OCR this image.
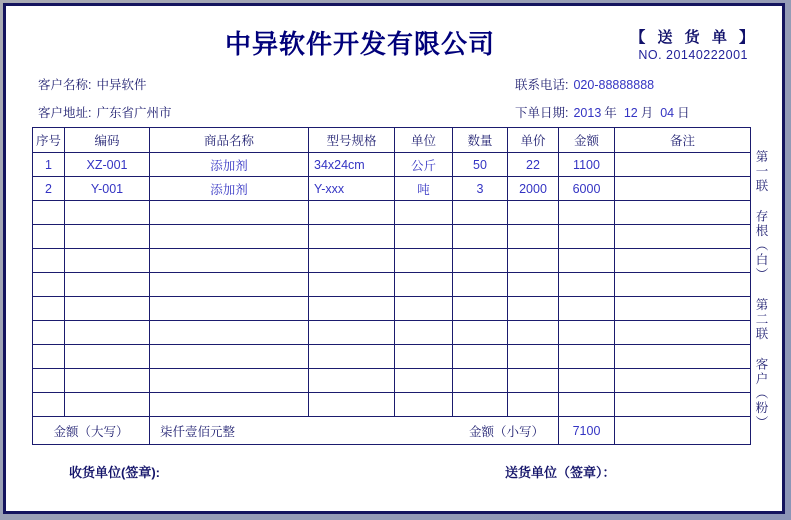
中异软件开发有限公司	【 送 货 单 】
NO. 20140222001
客户名称: 中异软件	联系电话: 020-88888888
客户地址: 广东省广州市	下单日期: 2013 年 12 月 04 日
序号	编码	商品名称	型号规格	单位	数量	单价	金额	备注
1	XZ-001	添加剂	34x24cm	公斤	50	22	1100	
2	Y-001	添加剂	Y-xxx	吨	3	2000	6000	

金额（大写）		柒仟壹佰元整 金额（小写）					7100	
第一联 存根（白） 第二联 客户（粉）
收货单位(签章):	送货单位（签章）：
